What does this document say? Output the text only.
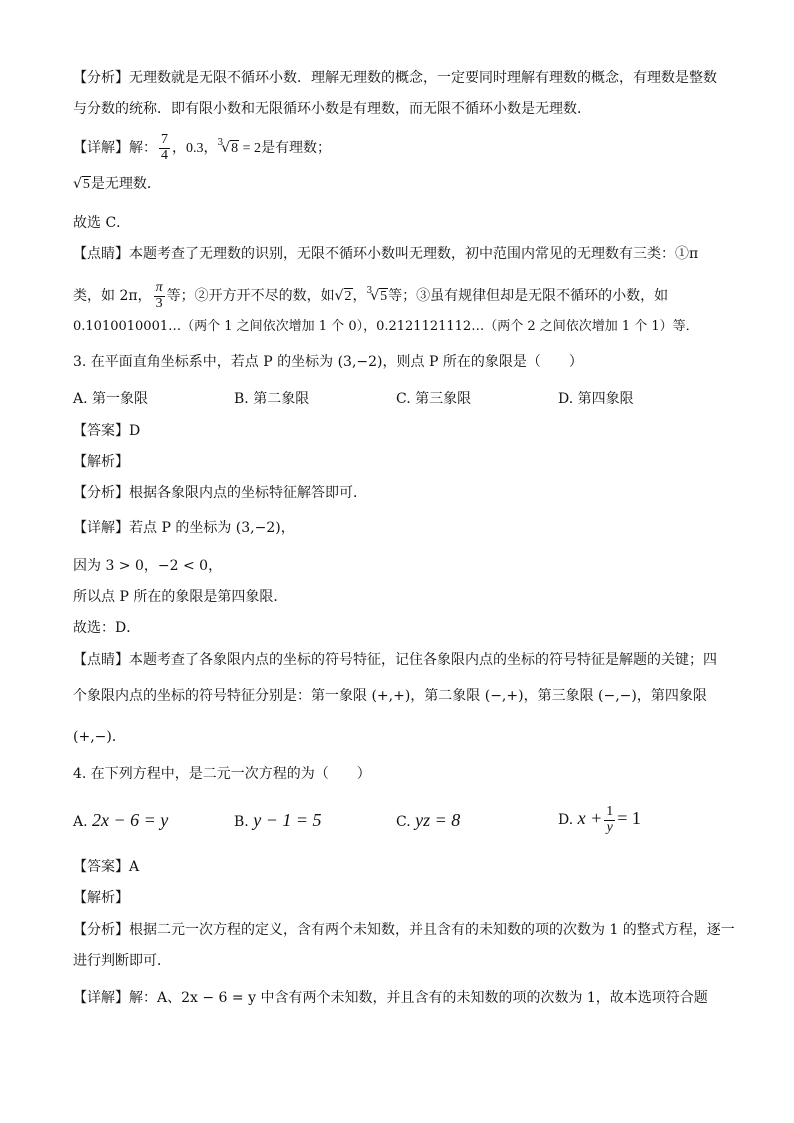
【分析】无理数就是无限不循环小数．理解无理数的概念，一定要同时理解有理数的概念，有理数是整数
与分数的统称．即有限小数和无限循环小数是有理数，而无限不循环小数是无理数．
【详解】解： $\frac{7}{4}$ ，0.3，$^3$√8 = 2是有理数；
√5是无理数．
故选 C．
【点睛】本题考查了无理数的识别，无限不循环小数叫无理数，初中范围内常见的无理数有三类：①π
类，如 2π， $\frac{\pi}{3}$ 等；②开方开不尽的数，如√2，$^3$√5等；③虽有规律但却是无限不循环的小数，如
0.1010010001…（两个 1 之间依次增加 1 个 0），0.2121121112…（两个 2 之间依次增加 1 个 1）等．
3. 在平面直角坐标系中，若点 P 的坐标为 (3,−2)，则点 P 所在的象限是（　　）
A. 第一象限	B. 第二象限	C. 第三象限	D. 第四象限
【答案】D
【解析】
【分析】根据各象限内点的坐标特征解答即可．
【详解】若点 P 的坐标为 (3,−2)，
因为 3 > 0，−2 < 0，
所以点 P 所在的象限是第四象限．
故选：D．
【点睛】本题考查了各象限内点的坐标的符号特征，记住各象限内点的坐标的符号特征是解题的关键；四
个象限内点的坐标的符号特征分别是：第一象限 (+,+)，第二象限 (−,+)，第三象限 (−,−)，第四象限
(+,−)．
4. 在下列方程中，是二元一次方程的为（　　）
A. 2x − 6 = y	B. y − 1 = 5	C. yz = 8	D. $x + \frac{1}{y} = 1$
【答案】A
【解析】
【分析】根据二元一次方程的定义，含有两个未知数，并且含有的未知数的项的次数为 1 的整式方程，逐一
进行判断即可．
【详解】解：A、2x − 6 = y 中含有两个未知数，并且含有的未知数的项的次数为 1，故本选项符合题
